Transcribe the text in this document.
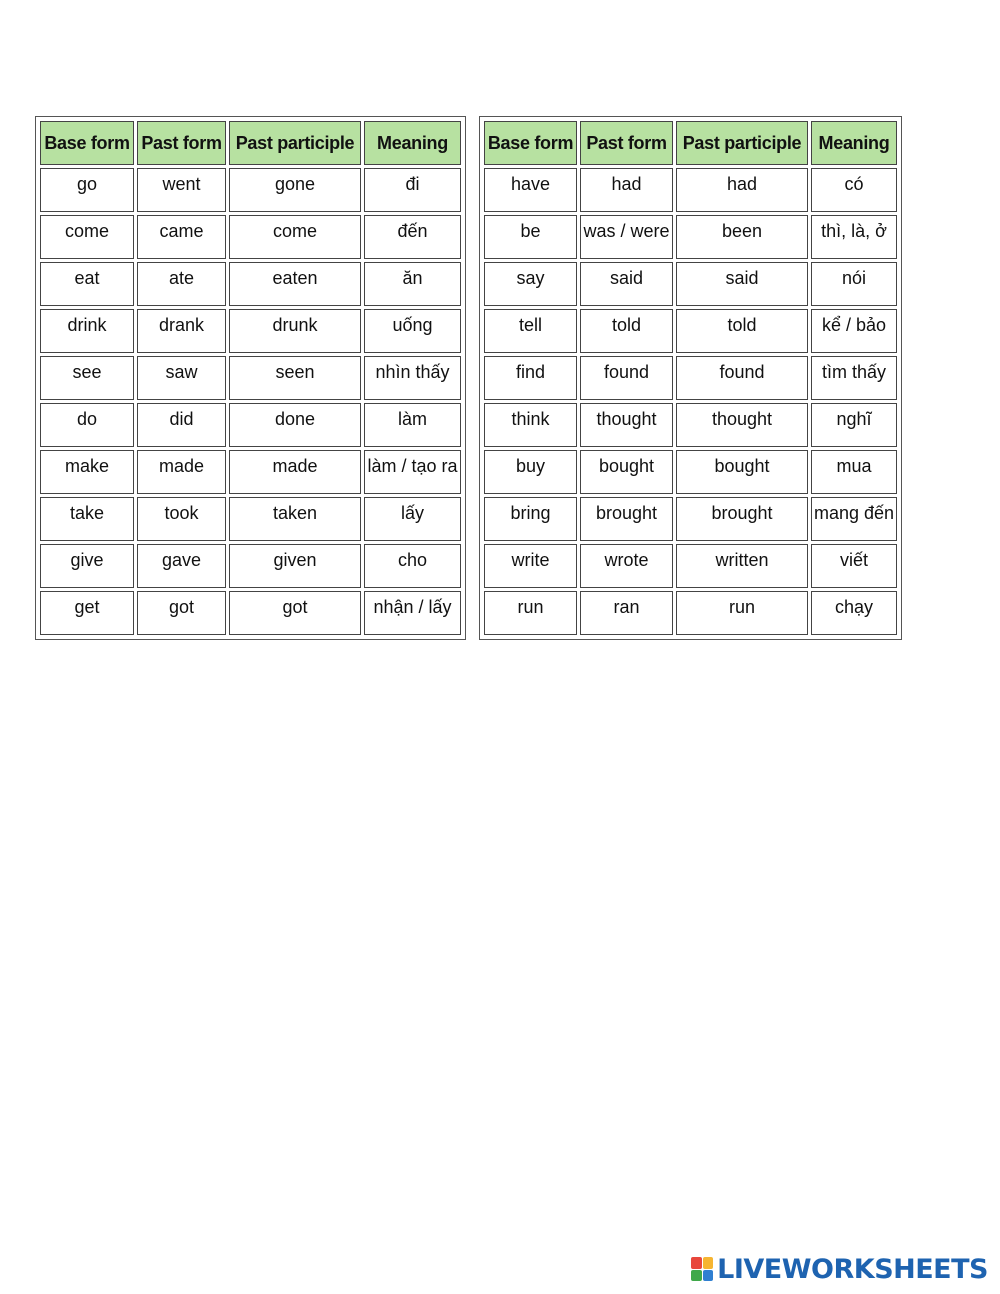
Base form	Past form	Past participle	Meaning
go	went	gone	đi
come	came	come	đến
eat	ate	eaten	ăn
drink	drank	drunk	uống
see	saw	seen	nhìn thấy
do	did	done	làm
make	made	made	làm / tạo ra
take	took	taken	lấy
give	gave	given	cho
get	got	got	nhận / lấy
Base form	Past form	Past participle	Meaning
have	had	had	có
be	was / were	been	thì, là, ở
say	said	said	nói
tell	told	told	kể / bảo
find	found	found	tìm thấy
think	thought	thought	nghĩ
buy	bought	bought	mua
bring	brought	brought	mang đến
write	wrote	written	viết
run	ran	run	chạy
LIVEWORKSHEETS
